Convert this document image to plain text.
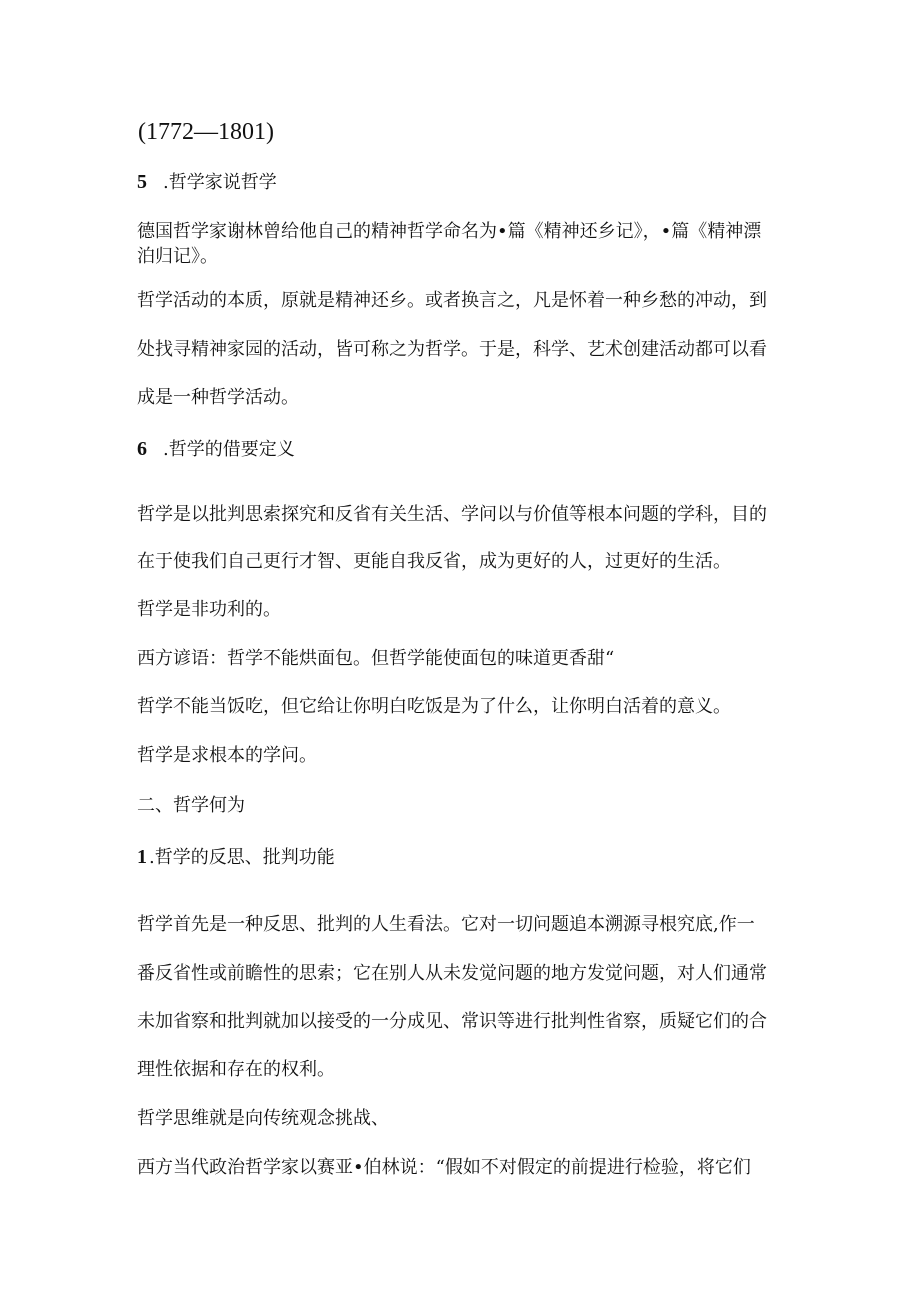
(1772—1801)
5 .哲学家说哲学
德国哲学家谢林曾给他自己的精神哲学命名为•篇《精神还乡记》，•篇《精神漂
泊归记》。
哲学活动的本质，原就是精神还乡。或者换言之，凡是怀着一种乡愁的冲动，到
处找寻精神家园的活动，皆可称之为哲学。于是，科学、艺术创建活动都可以看
成是一种哲学活动。
6 .哲学的借要定义
哲学是以批判思索探究和反省有关生活、学问以与价值等根本问题的学科，目的
在于使我们自己更行才智、更能自我反省，成为更好的人，过更好的生活。
哲学是非功利的。
西方谚语：哲学不能烘面包。但哲学能使面包的味道更香甜“
哲学不能当饭吃，但它给让你明白吃饭是为了什么，让你明白活着的意义。
哲学是求根本的学问。
二、哲学何为
1 .哲学的反思、批判功能
哲学首先是一种反思、批判的人生看法。它对一切问题追本溯源寻根究底,作一
番反省性或前瞻性的思索；它在别人从未发觉问题的地方发觉问题，对人们通常
未加省察和批判就加以接受的一分成见、常识等进行批判性省察，质疑它们的合
理性依据和存在的权利。
哲学思维就是向传统观念挑战、
西方当代政治哲学家以赛亚•伯林说：“假如不对假定的前提进行检验，将它们
